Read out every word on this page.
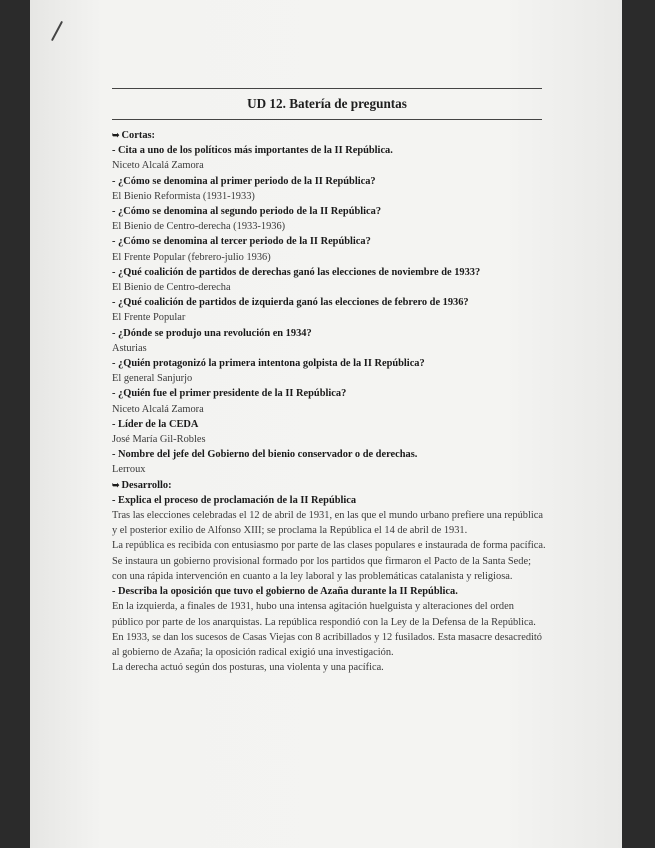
UD 12. Batería de preguntas
➥ Cortas:
- Cita a uno de los políticos más importantes de la II República.
Niceto Alcalá Zamora
- ¿Cómo se denomina al primer periodo de la II República?
El Bienio Reformista (1931-1933)
- ¿Cómo se denomina al segundo periodo de la II República?
El Bienio de Centro-derecha (1933-1936)
- ¿Cómo se denomina al tercer periodo de la II República?
El Frente Popular (febrero-julio 1936)
- ¿Qué coalición de partidos de derechas ganó las elecciones de noviembre de 1933?
El Bienio de Centro-derecha
- ¿Qué coalición de partidos de izquierda ganó las elecciones de febrero de 1936?
El Frente Popular
- ¿Dónde se produjo una revolución en 1934?
Asturias
- ¿Quién protagonizó la primera intentona golpista de la II República?
El general Sanjurjo
- ¿Quién fue el primer presidente de la II República?
Niceto Alcalá Zamora
- Líder de la CEDA
José María Gil-Robles
- Nombre del jefe del Gobierno del bienio conservador o de derechas.
Lerroux
➥ Desarrollo:
- Explica el proceso de proclamación de la II República
Tras las elecciones celebradas el 12 de abril de 1931, en las que el mundo urbano prefiere una república y el posterior exilio de Alfonso XIII; se proclama la República el 14 de abril de 1931.
La república es recibida con entusiasmo por parte de las clases populares e instaurada de forma pacífica.
Se instaura un gobierno provisional formado por los partidos que firmaron el Pacto de la Santa Sede; con una rápida intervención en cuanto a la ley laboral y las problemáticas catalanista y religiosa.
- Describa la oposición que tuvo el gobierno de Azaña durante la II República.
En la izquierda, a finales de 1931, hubo una intensa agitación huelguista y alteraciones del orden público por parte de los anarquistas. La república respondió con la Ley de la Defensa de la República.
En 1933, se dan los sucesos de Casas Viejas con 8 acribillados y 12 fusilados. Esta masacre desacreditó al gobierno de Azaña; la oposición radical exigió una investigación.
La derecha actuó según dos posturas, una violenta y una pacífica.
